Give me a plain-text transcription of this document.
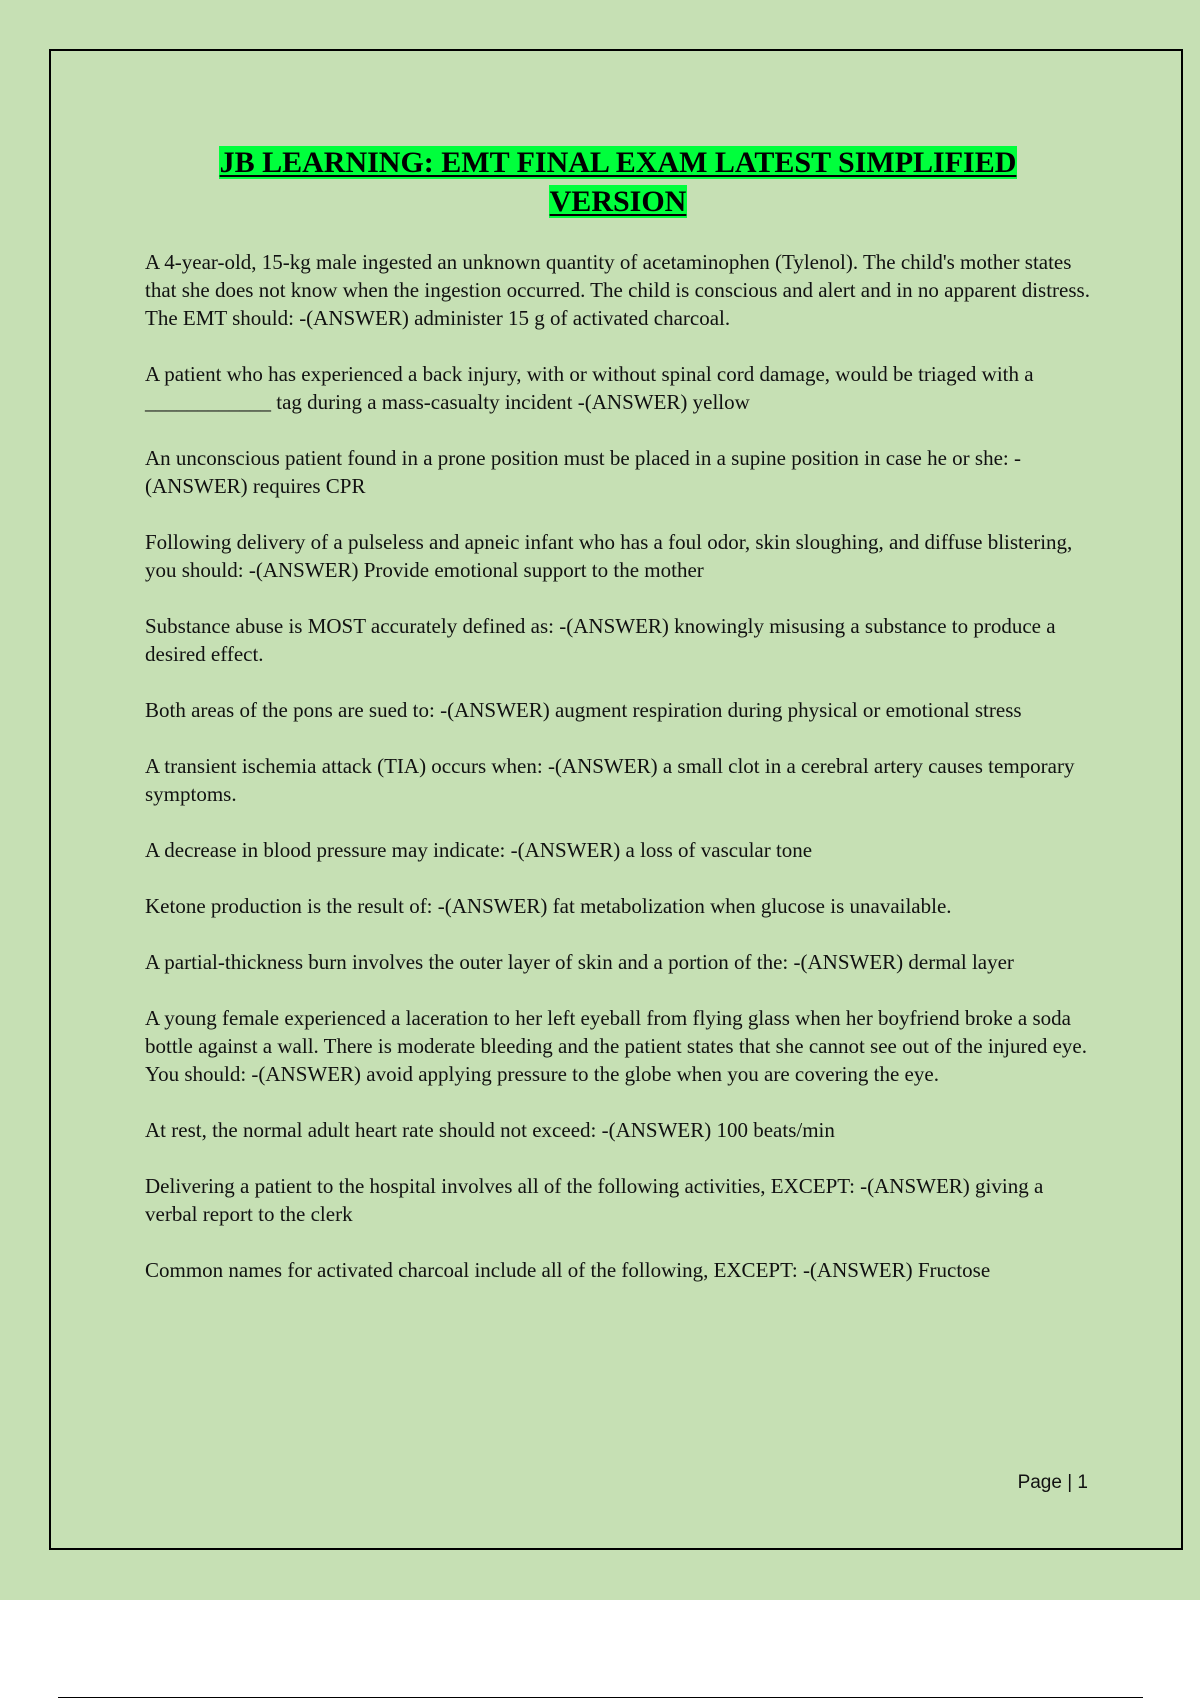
JB LEARNING: EMT FINAL EXAM LATEST SIMPLIFIED
VERSION
A 4-year-old, 15-kg male ingested an unknown quantity of acetaminophen (Tylenol). The child's mother states that she does not know when the ingestion occurred. The child is conscious and alert and in no apparent distress. The EMT should: -(ANSWER) administer 15 g of activated charcoal.
A patient who has experienced a back injury, with or without spinal cord damage, would be triaged with a ____________ tag during a mass-casualty incident -(ANSWER) yellow
An unconscious patient found in a prone position must be placed in a supine position in case he or she: -(ANSWER) requires CPR
Following delivery of a pulseless and apneic infant who has a foul odor, skin sloughing, and diffuse blistering, you should: -(ANSWER) Provide emotional support to the mother
Substance abuse is MOST accurately defined as: -(ANSWER) knowingly misusing a substance to produce a desired effect.
Both areas of the pons are sued to: -(ANSWER) augment respiration during physical or emotional stress
A transient ischemia attack (TIA) occurs when: -(ANSWER) a small clot in a cerebral artery causes temporary symptoms.
A decrease in blood pressure may indicate: -(ANSWER) a loss of vascular tone
Ketone production is the result of: -(ANSWER) fat metabolization when glucose is unavailable.
A partial-thickness burn involves the outer layer of skin and a portion of the: -(ANSWER) dermal layer
A young female experienced a laceration to her left eyeball from flying glass when her boyfriend broke a soda bottle against a wall. There is moderate bleeding and the patient states that she cannot see out of the injured eye. You should: -(ANSWER) avoid applying pressure to the globe when you are covering the eye.
At rest, the normal adult heart rate should not exceed: -(ANSWER) 100 beats/min
Delivering a patient to the hospital involves all of the following activities, EXCEPT: -(ANSWER) giving a verbal report to the clerk
Common names for activated charcoal include all of the following, EXCEPT: -(ANSWER) Fructose
Page | 1
